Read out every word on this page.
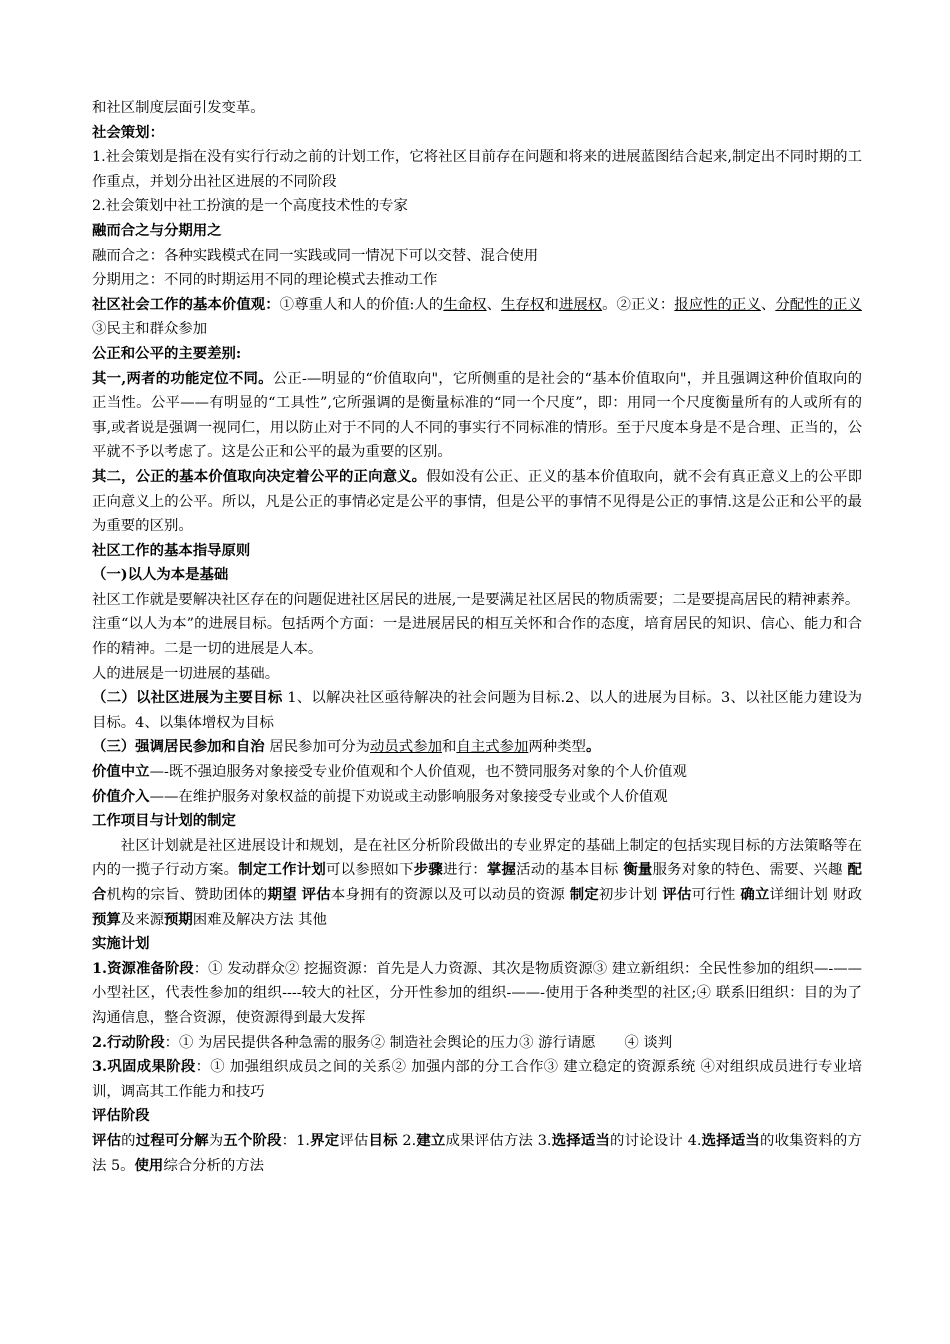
和社区制度层面引发变革。

社会策划：

1.社会策划是指在没有实行行动之前的计划工作，它将社区目前存在问题和将来的进展蓝图结合起来,制定出不同时期的工作重点，并划分出社区进展的不同阶段

2.社会策划中社工扮演的是一个高度技术性的专家

融而合之与分期用之

融而合之：各种实践模式在同一实践或同一情况下可以交替、混合使用

分期用之：不同的时期运用不同的理论模式去推动工作

社区社会工作的基本价值观：①尊重人和人的价值:人的生命权、生存权和进展权。②正义：报应性的正义、分配性的正义③民主和群众参加

公正和公平的主要差别:

其一,两者的功能定位不同。公正-—明显的“价值取向"，它所侧重的是社会的“基本价值取向"，并且强调这种价值取向的正当性。公平——有明显的“工具性”,它所强调的是衡量标准的“同一个尺度”，即：用同一个尺度衡量所有的人或所有的事,或者说是强调一视同仁，用以防止对于不同的人不同的事实行不同标准的情形。至于尺度本身是不是合理、正当的，公平就不予以考虑了。这是公正和公平的最为重要的区别。

其二，公正的基本价值取向决定着公平的正向意义。假如没有公正、正义的基本价值取向，就不会有真正意义上的公平即正向意义上的公平。所以，凡是公正的事情必定是公平的事情，但是公平的事情不见得是公正的事情.这是公正和公平的最为重要的区别。

社区工作的基本指导原则

（一)以人为本是基础

社区工作就是要解决社区存在的问题促进社区居民的进展,一是要满足社区居民的物质需要；二是要提高居民的精神素养。

注重“以人为本”的进展目标。包括两个方面：一是进展居民的相互关怀和合作的态度，培育居民的知识、信心、能力和合作的精神。二是一切的进展是人本。

人的进展是一切进展的基础。

（二）以社区进展为主要目标 1、以解决社区亟待解决的社会问题为目标.2、以人的进展为目标。3、以社区能力建设为目标。4、以集体增权为目标

（三）强调居民参加和自治 居民参加可分为动员式参加和自主式参加两种类型。

价值中立—-既不强迫服务对象接受专业价值观和个人价值观，也不赞同服务对象的个人价值观

价值介入——在维护服务对象权益的前提下劝说或主动影响服务对象接受专业或个人价值观

工作项目与计划的制定

社区计划就是社区进展设计和规划，是在社区分析阶段做出的专业界定的基础上制定的包括实现目标的方法策略等在内的一揽子行动方案。制定工作计划可以参照如下步骤进行：掌握活动的基本目标 衡量服务对象的特色、需要、兴趣 配合机构的宗旨、赞助团体的期望 评估本身拥有的资源以及可以动员的资源 制定初步计划 评估可行性 确立详细计划 财政预算及来源预期困难及解决方法 其他

实施计划

1.资源准备阶段：① 发动群众② 挖掘资源：首先是人力资源、其次是物质资源③ 建立新组织：全民性参加的组织—-——小型社区，代表性参加的组织----较大的社区，分开性参加的组织-——-使用于各种类型的社区;④ 联系旧组织：目的为了沟通信息，整合资源，使资源得到最大发挥

2.行动阶段：① 为居民提供各种急需的服务② 制造社会舆论的压力③ 游行请愿　　④ 谈判

3.巩固成果阶段：① 加强组织成员之间的关系② 加强内部的分工合作③ 建立稳定的资源系统 ④对组织成员进行专业培训，调高其工作能力和技巧

评估阶段

评估的过程可分解为五个阶段：1.界定评估目标 2.建立成果评估方法 3.选择适当的讨论设计 4.选择适当的收集资料的方法 5。使用综合分析的方法
